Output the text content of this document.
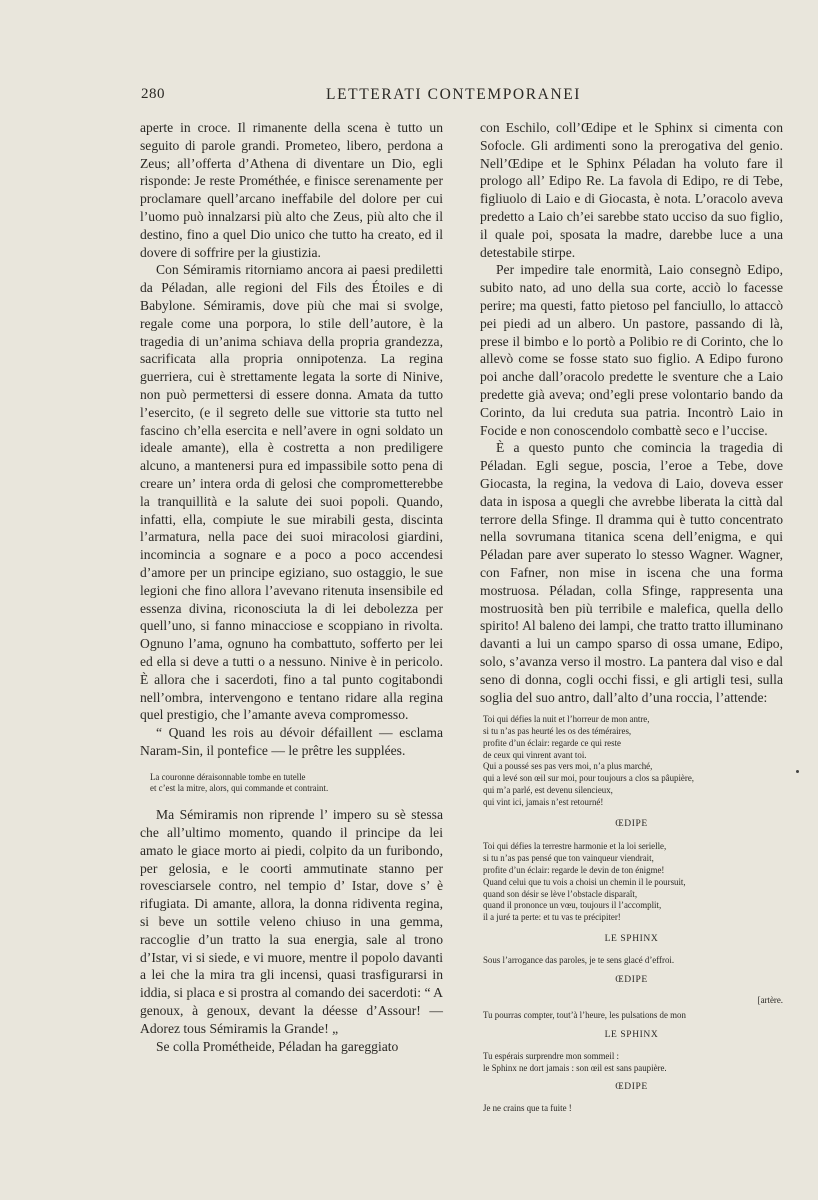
280	LETTERATI CONTEMPORANEI

aperte in croce. Il rimanente della scena è tutto un seguito di parole grandi. Prometeo, libero, perdona a Zeus; all’offerta d’Athena di diventare un Dio, egli risponde: Je reste Prométhée, e finisce serenamente per proclamare quell’arcano ineffabile del dolore per cui l’uomo può innalzarsi più alto che Zeus, più alto che il destino, fino a quel Dio unico che tutto ha creato, ed il dovere di soffrire per la giustizia.

Con Sémiramis ritorniamo ancora ai paesi prediletti da Péladan, alle regioni del Fils des Étoiles e di Babylone. Sémiramis, dove più che mai si svolge, regale come una porpora, lo stile dell’autore, è la tragedia di un’anima schiava della propria grandezza, sacrificata alla propria onnipotenza. La regina guerriera, cui è strettamente legata la sorte di Ninive, non può permettersi di essere donna. Amata da tutto l’esercito, (e il segreto delle sue vittorie sta tutto nel fascino ch’ella esercita e nell’avere in ogni soldato un ideale amante), ella è costretta a non prediligere alcuno, a mantenersi pura ed impassibile sotto pena di creare un’ intera orda di gelosi che comprometterebbe la tranquillità e la salute dei suoi popoli. Quando, infatti, ella, compiute le sue mirabili gesta, discinta l’armatura, nella pace dei suoi miracolosi giardini, incomincia a sognare e a poco a poco accendesi d’amore per un principe egiziano, suo ostaggio, le sue legioni che fino allora l’avevano ritenuta insensibile ed essenza divina, riconosciuta la di lei debolezza per quell’uno, si fanno minacciose e scoppiano in rivolta. Ognuno l’ama, ognuno ha combattuto, sofferto per lei ed ella si deve a tutti o a nessuno. Ninive è in pericolo. È allora che i sacerdoti, fino a tal punto cogitabondi nell’ombra, intervengono e tentano ridare alla regina quel prestigio, che l’amante aveva compromesso.

“ Quand les rois au dévoir défaillent — esclama Naram-Sin, il pontefice — le prêtre les supplées.

La couronne déraisonnable tombe en tutelle
et c’est la mitre, alors, qui commande et contraint.

Ma Sémiramis non riprende l’ impero su sè stessa che all’ultimo momento, quando il principe da lei amato le giace morto ai piedi, colpito da un furibondo, per gelosia, e le coorti ammutinate stanno per rovesciarsele contro, nel tempio d’ Istar, dove s’ è rifugiata. Di amante, allora, la donna ridiventa regina, si beve un sottile veleno chiuso in una gemma, raccoglie d’un tratto la sua energia, sale al trono d’Istar, vi si siede, e vi muore, mentre il popolo davanti a lei che la mira tra gli incensi, quasi trasfigurarsi in iddia, si placa e si prostra al comando dei sacerdoti: “ A genoux, à genoux, devant la déesse d’Assour! — Adorez tous Sémiramis la Grande! „

Se colla Prométheide, Péladan ha gareggiato

con Eschilo, coll’Œdipe et le Sphinx si cimenta con Sofocle. Gli ardimenti sono la prerogativa del genio. Nell’Œdipe et le Sphinx Péladan ha voluto fare il prologo all’ Edipo Re. La favola di Edipo, re di Tebe, figliuolo di Laio e di Giocasta, è nota. L’oracolo aveva predetto a Laio ch’ei sarebbe stato ucciso da suo figlio, il quale poi, sposata la madre, darebbe luce a una detestabile stirpe.

Per impedire tale enormità, Laio consegnò Edipo, subito nato, ad uno della sua corte, acciò lo facesse perire; ma questi, fatto pietoso pel fanciullo, lo attaccò pei piedi ad un albero. Un pastore, passando di là, prese il bimbo e lo portò a Polibio re di Corinto, che lo allevò come se fosse stato suo figlio. A Edipo furono poi anche dall’oracolo predette le sventure che a Laio predette già aveva; ond’egli prese volontario bando da Corinto, da lui creduta sua patria. Incontrò Laio in Focide e non conoscendolo combattè seco e l’uccise.

È a questo punto che comincia la tragedia di Péladan. Egli segue, poscia, l’eroe a Tebe, dove Giocasta, la regina, la vedova di Laio, doveva esser data in isposa a quegli che avrebbe liberata la città dal terrore della Sfinge. Il dramma qui è tutto concentrato nella sovrumana titanica scena dell’enigma, e qui Péladan pare aver superato lo stesso Wagner. Wagner, con Fafner, non mise in iscena che una forma mostruosa. Péladan, colla Sfinge, rappresenta una mostruosità ben più terribile e malefica, quella dello spirito! Al baleno dei lampi, che tratto tratto illuminano davanti a lui un campo sparso di ossa umane, Edipo, solo, s’avanza verso il mostro. La pantera dal viso e dal seno di donna, cogli occhi fissi, e gli artigli tesi, sulla soglia del suo antro, dall’alto d’una roccia, l’attende:

Toi qui défies la nuit et l’horreur de mon antre,
si tu n’as pas heurté les os des téméraires,
profite d’un éclair: regarde ce qui reste
de ceux qui vinrent avant toi.
Qui a poussé ses pas vers moi, n’a plus marché,
qui a levé son œil sur moi, pour toujours a clos sa pâupière,
qui m’a parlé, est devenu silencieux,
qui vint ici, jamais n’est retourné!
ŒDIPE
Toi qui défies la terrestre harmonie et la loi serielle,
si tu n’as pas pensé que ton vainqueur viendrait,
profite d’un éclair: regarde le devin de ton énigme!
Quand celui que tu vois a choisi un chemin il le poursuit,
quand son désir se lève l’obstacle disparaît,
quand il prononce un vœu, toujours il l’accomplit,
il a juré ta perte: et tu vas te précipiter!
LE SPHINX
Sous l’arrogance das paroles, je te sens glacé d’effroi.
ŒDIPE
[artère.
Tu pourras compter, tout’à l’heure, les pulsations de mon
LE SPHINX
Tu espérais surprendre mon sommeil :
le Sphinx ne dort jamais : son œil est sans paupière.
ŒDIPE
Je ne crains que ta fuite !
